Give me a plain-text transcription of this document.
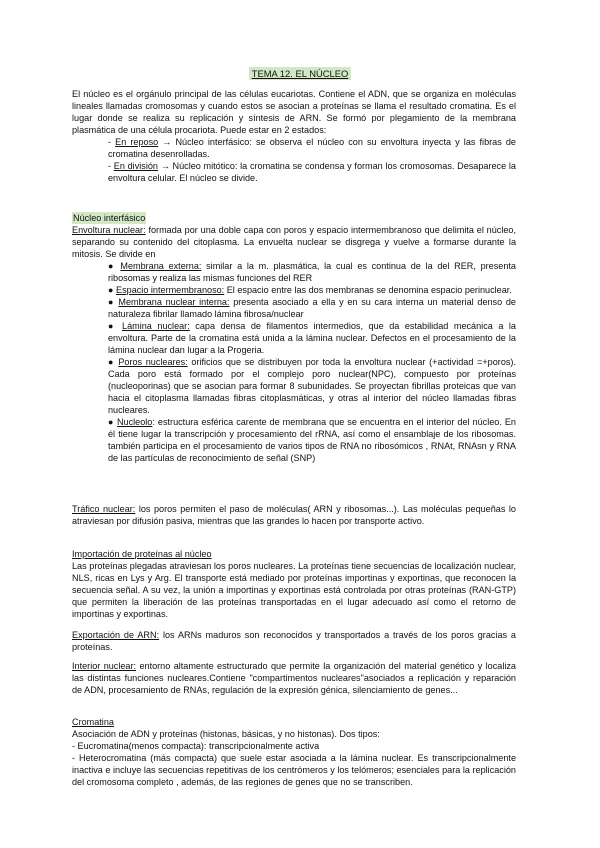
TEMA 12. EL NÚCLEO

El núcleo es el orgánulo principal de las células eucariotas. Contiene el ADN, que se organiza en moléculas lineales llamadas cromosomas y cuando estos se asocian a proteínas se llama el resultado cromatina. Es el lugar donde se realiza su replicación y síntesis de ARN. Se formó por plegamiento de la membrana plasmática de una célula procariota. Puede estar en 2 estados:

- En reposo → Núcleo interfásico: se observa el núcleo con su envoltura inyecta y las fibras de cromatina desenrolladas.

- En división → Núcleo mitótico: la cromatina se condensa y forman los cromosomas. Desaparece la envoltura celular. El núcleo se divide.

Núcleo interfásico

Envoltura nuclear: formada por una doble capa con poros y espacio intermembranoso que delimita el núcleo, separando su contenido del citoplasma. La envuelta nuclear se disgrega y vuelve a formarse durante la mitosis. Se divide en

● Membrana externa: similar a la m. plasmática, la cual es continua de la del RER, presenta ribosomas y realiza las mismas funciones del RER

● Espacio intermembranoso: El espacio entre las dos membranas se denomina espacio perinuclear.

● Membrana nuclear interna: presenta asociado a ella y en su cara interna un material denso de naturaleza fibrilar llamado lámina fibrosa/nuclear

● Lámina nuclear: capa densa de filamentos intermedios, que da estabilidad mecánica a la envoltura. Parte de la cromatina está unida a la lámina nuclear. Defectos en el procesamiento de la lámina nuclear dan lugar a la Progeria.

● Poros nucleares: orificios que se distribuyen por toda la envoltura nuclear (+actividad =+poros). Cada poro está formado por el complejo poro nuclear(NPC), compuesto por proteínas (nucleoporinas) que se asocian para formar 8 subunidades. Se proyectan fibrillas proteicas que van hacia el citoplasma llamadas fibras citoplasmáticas, y otras al interior del núcleo llamadas fibras nucleares.

● Nucleolo: estructura esférica carente de membrana que se encuentra en el interior del núcleo. En él tiene lugar la transcripción y procesamiento del rRNA, así como el ensamblaje de los ribosomas. también participa en el procesamiento de varios tipos de RNA no ribosómicos , RNAt, RNAsn y RNA de las partículas de reconocimiento de señal (SNP)

Tráfico nuclear: los poros permiten el paso de moléculas( ARN y ribosomas...). Las moléculas pequeñas lo atraviesan por difusión pasiva, mientras que las grandes lo hacen por transporte activo.

Importación de proteínas al núcleo

Las proteínas plegadas atraviesan los poros nucleares. La proteínas tiene secuencias de localización nuclear, NLS, ricas en Lys y Arg. El transporte está mediado por proteínas importinas y exportinas, que reconocen la secuencia señal. A su vez, la unión a importinas y exportinas está controlada por otras proteínas (RAN-GTP) que permiten la liberación de las proteínas transportadas en el lugar adecuado así como el retorno de importinas y exportinas.

Exportación de ARN: los ARNs maduros son reconocidos y transportados a través de los poros gracias a proteínas.

Interior nuclear: entorno altamente estructurado que permite la organización del material genético y localiza las distintas funciones nucleares.Contiene "compartimentos nucleares"asociados a replicación y reparación de ADN, procesamiento de RNAs, regulación de la expresión génica, silenciamiento de genes...

Cromatina

Asociación de ADN y proteínas (histonas, básicas, y no histonas). Dos tipos:

- Eucromatina(menos compacta): transcripcionalmente activa

- Heterocromatina (más compacta) que suele estar asociada a la lámina nuclear. Es transcripcionalmente inactiva e incluye las secuencias repetitivas de los centrómeros y los telómeros; esenciales para la replicación del cromosoma completo , además, de las regiones de genes que no se transcriben.
